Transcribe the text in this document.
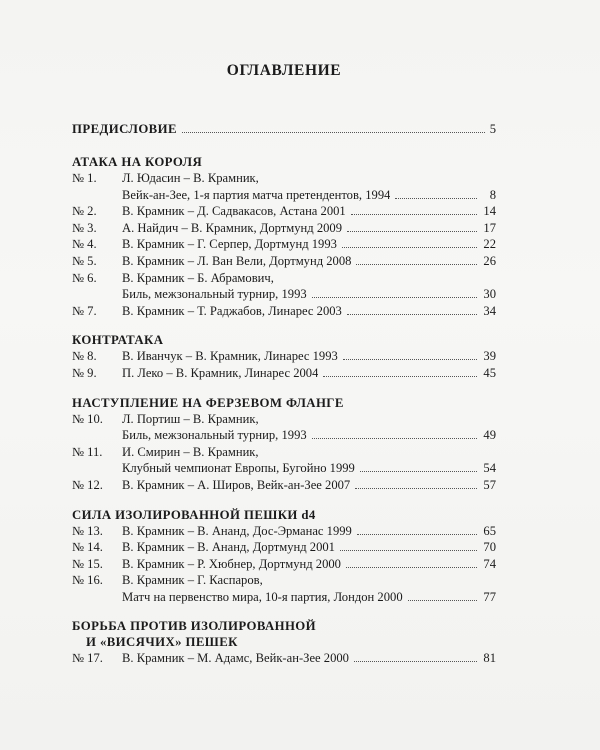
ОГЛАВЛЕНИЕ
ПРЕДИСЛОВИЕ	5
АТАКА НА КОРОЛЯ
№ 1.	Л. Юдасин – В. Крамник,
Вейк-ан-Зее, 1-я партия матча претендентов, 1994	8
№ 2.	В. Крамник – Д. Садвакасов, Астана 2001	14
№ 3.	А. Найдич – В. Крамник, Дортмунд 2009	17
№ 4.	В. Крамник – Г. Серпер, Дортмунд 1993	22
№ 5.	В. Крамник – Л. Ван Вели, Дортмунд 2008	26
№ 6.	В. Крамник – Б. Абрамович,
Биль, межзональный турнир, 1993	30
№ 7.	В. Крамник – Т. Раджабов, Линарес 2003	34
КОНТРАТАКА
№ 8.	В. Иванчук – В. Крамник, Линарес 1993	39
№ 9.	П. Леко – В. Крамник, Линарес 2004	45
НАСТУПЛЕНИЕ НА ФЕРЗЕВОМ ФЛАНГЕ
№ 10.	Л. Портиш – В. Крамник,
Биль, межзональный турнир, 1993	49
№ 11.	И. Смирин – В. Крамник,
Клубный чемпионат Европы, Бугойно 1999	54
№ 12.	В. Крамник – А. Широв, Вейк-ан-Зее 2007	57
СИЛА ИЗОЛИРОВАННОЙ ПЕШКИ d4
№ 13.	В. Крамник – В. Ананд, Дос-Эрманас 1999	65
№ 14.	В. Крамник – В. Ананд, Дортмунд 2001	70
№ 15.	В. Крамник – Р. Хюбнер, Дортмунд 2000	74
№ 16.	В. Крамник – Г. Каспаров,
Матч на первенство мира, 10-я партия, Лондон 2000	77
БОРЬБА ПРОТИВ ИЗОЛИРОВАННОЙ
И «ВИСЯЧИХ» ПЕШЕК
№ 17.	В. Крамник – М. Адамс, Вейк-ан-Зее 2000	81
